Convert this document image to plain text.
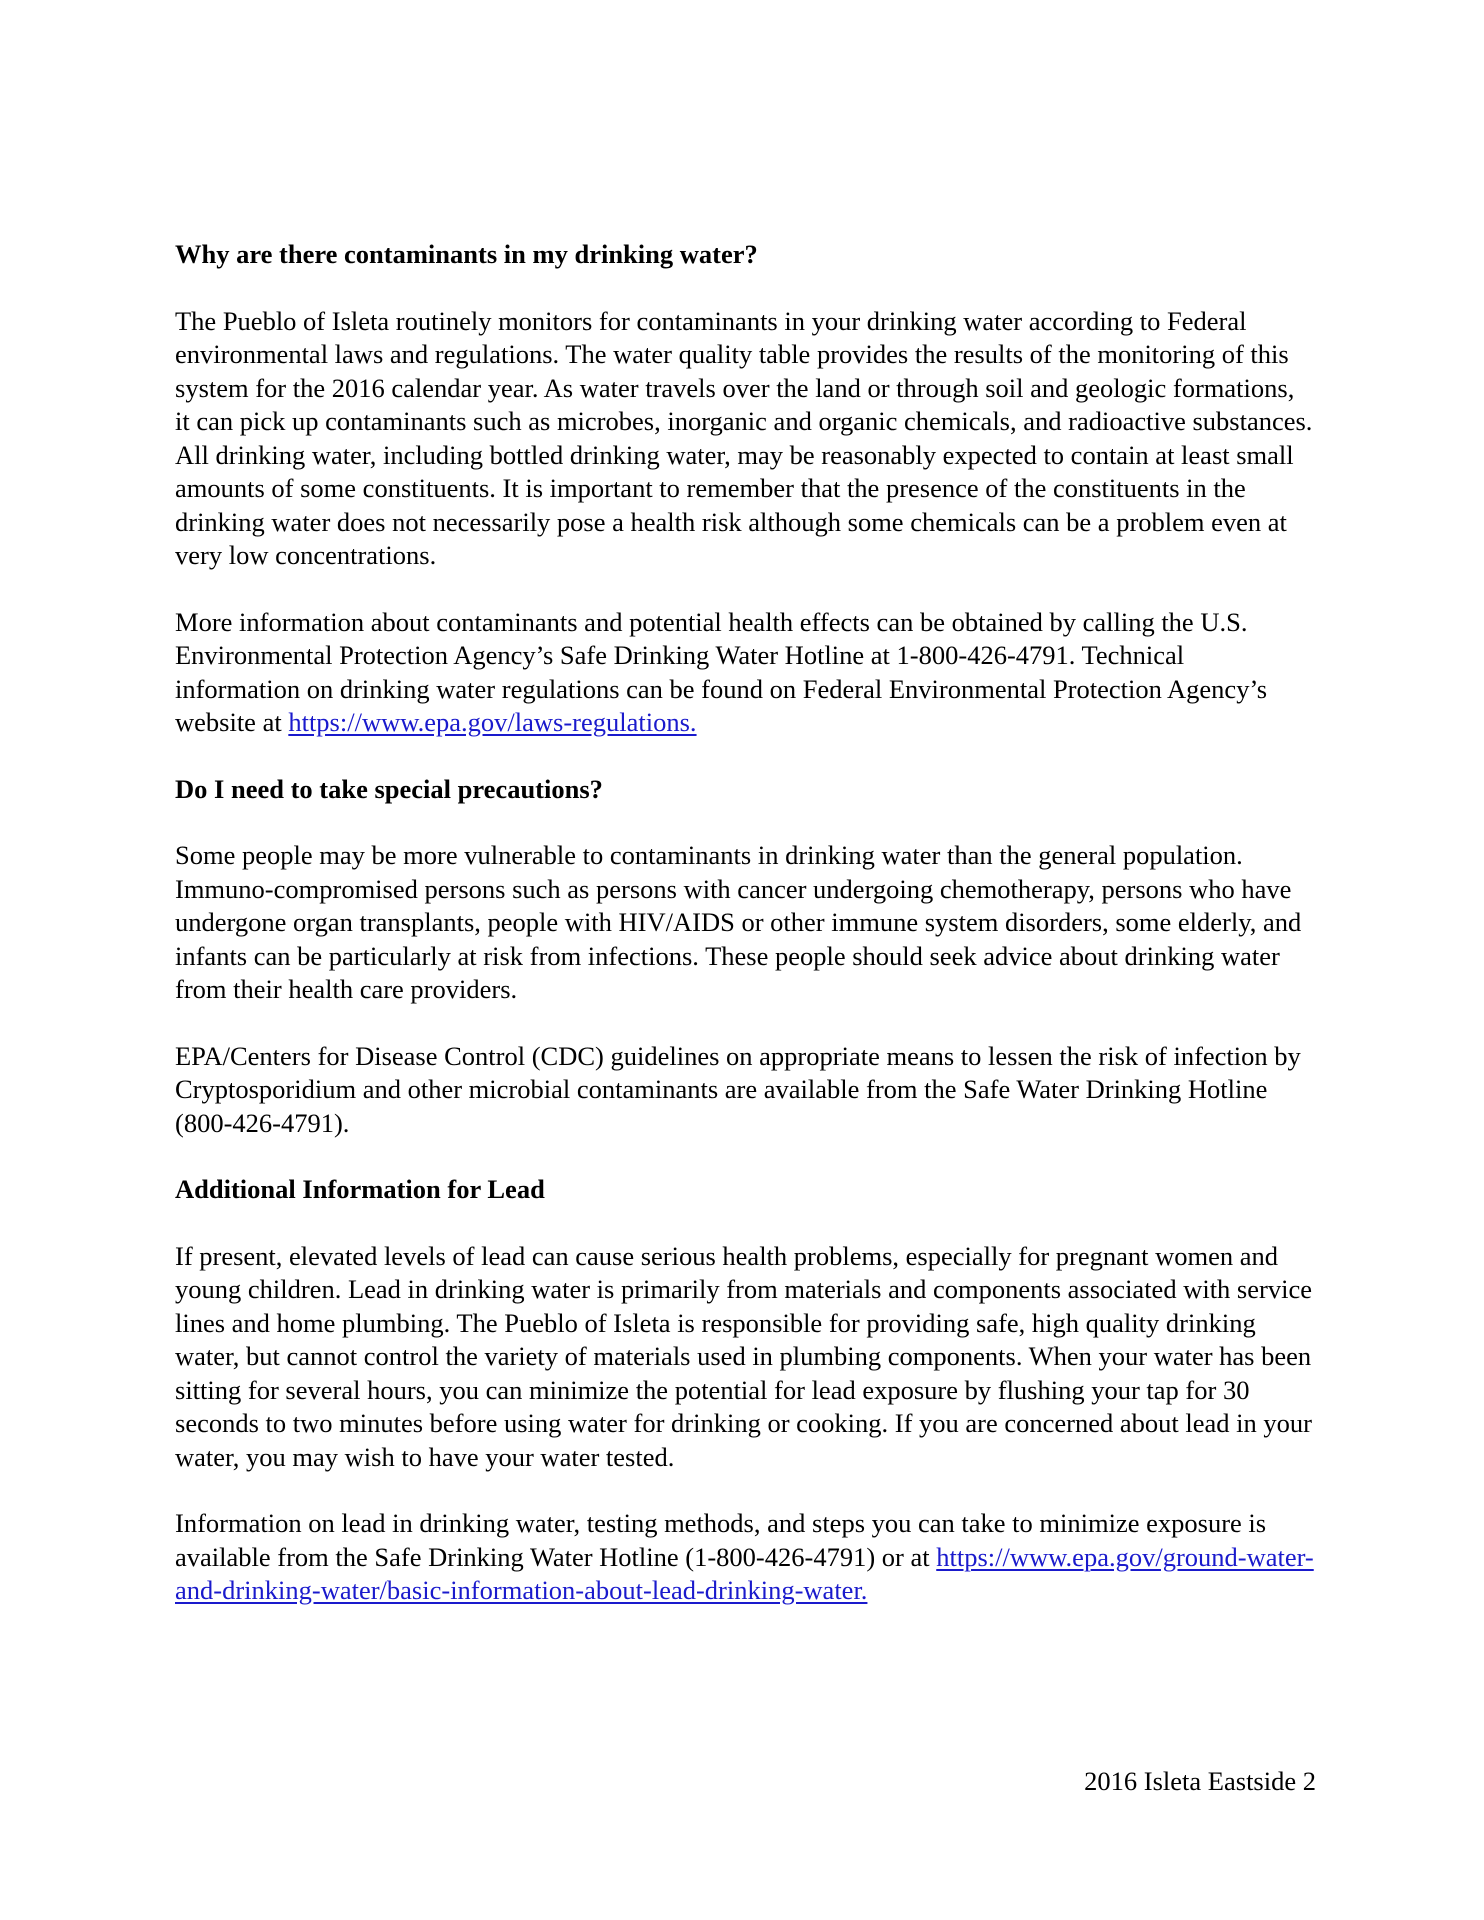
Why are there contaminants in my drinking water?

The Pueblo of Isleta routinely monitors for contaminants in your drinking water according to Federal environmental laws and regulations. The water quality table provides the results of the monitoring of this system for the 2016 calendar year. As water travels over the land or through soil and geologic formations, it can pick up contaminants such as microbes, inorganic and organic chemicals, and radioactive substances. All drinking water, including bottled drinking water, may be reasonably expected to contain at least small amounts of some constituents. It is important to remember that the presence of the constituents in the drinking water does not necessarily pose a health risk although some chemicals can be a problem even at very low concentrations.

More information about contaminants and potential health effects can be obtained by calling the U.S. Environmental Protection Agency’s Safe Drinking Water Hotline at 1-800-426-4791. Technical information on drinking water regulations can be found on Federal Environmental Protection Agency’s website at https://www.epa.gov/laws-regulations.

Do I need to take special precautions?

Some people may be more vulnerable to contaminants in drinking water than the general population. Immuno-compromised persons such as persons with cancer undergoing chemotherapy, persons who have undergone organ transplants, people with HIV/AIDS or other immune system disorders, some elderly, and infants can be particularly at risk from infections. These people should seek advice about drinking water from their health care providers.

EPA/Centers for Disease Control (CDC) guidelines on appropriate means to lessen the risk of infection by Cryptosporidium and other microbial contaminants are available from the Safe Water Drinking Hotline (800-426-4791).

Additional Information for Lead

If present, elevated levels of lead can cause serious health problems, especially for pregnant women and young children. Lead in drinking water is primarily from materials and components associated with service lines and home plumbing. The Pueblo of Isleta is responsible for providing safe, high quality drinking water, but cannot control the variety of materials used in plumbing components. When your water has been sitting for several hours, you can minimize the potential for lead exposure by flushing your tap for 30 seconds to two minutes before using water for drinking or cooking. If you are concerned about lead in your water, you may wish to have your water tested.

Information on lead in drinking water, testing methods, and steps you can take to minimize exposure is available from the Safe Drinking Water Hotline (1-800-426-4791) or at https://www.epa.gov/ground-water-and-drinking-water/basic-information-about-lead-drinking-water.

2016 Isleta Eastside 2
